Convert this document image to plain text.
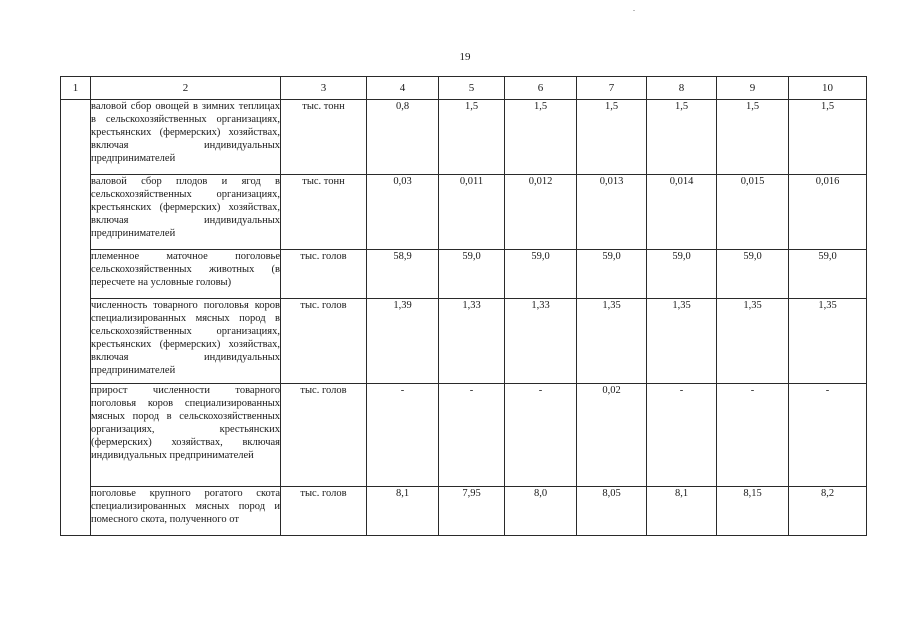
19
1	2	3	4	5	6	7	8	9	10
	валовой сбор овощей в зимних теплицах в сельскохозяйственных организациях, крестьянских (фермерских) хозяйствах, включая индивидуальных предпринимателей	тыс. тонн	0,8	1,5	1,5	1,5	1,5	1,5	1,5
	валовой сбор плодов и ягод в сельскохозяйственных организациях, крестьянских (фермерских) хозяйствах, включая индивидуальных предпринимателей	тыс. тонн	0,03	0,011	0,012	0,013	0,014	0,015	0,016
	племенное маточное поголовье сельскохозяйственных животных (в пересчете на условные головы)	тыс. голов	58,9	59,0	59,0	59,0	59,0	59,0	59,0
	численность товарного поголовья коров специализированных мясных пород в сельскохозяйственных организациях, крестьянских (фермерских) хозяйствах, включая индивидуальных предпринимателей	тыс. голов	1,39	1,33	1,33	1,35	1,35	1,35	1,35
	прирост численности товарного поголовья коров специализированных мясных пород в сельскохозяйственных организациях, крестьянских (фермерских) хозяйствах, включая индивидуальных предпринимателей	тыс. голов	-	-	-	0,02	-	-	-
	поголовье крупного рогатого скота специализированных мясных пород и помесного скота, полученного от	тыс. голов	8,1	7,95	8,0	8,05	8,1	8,15	8,2
